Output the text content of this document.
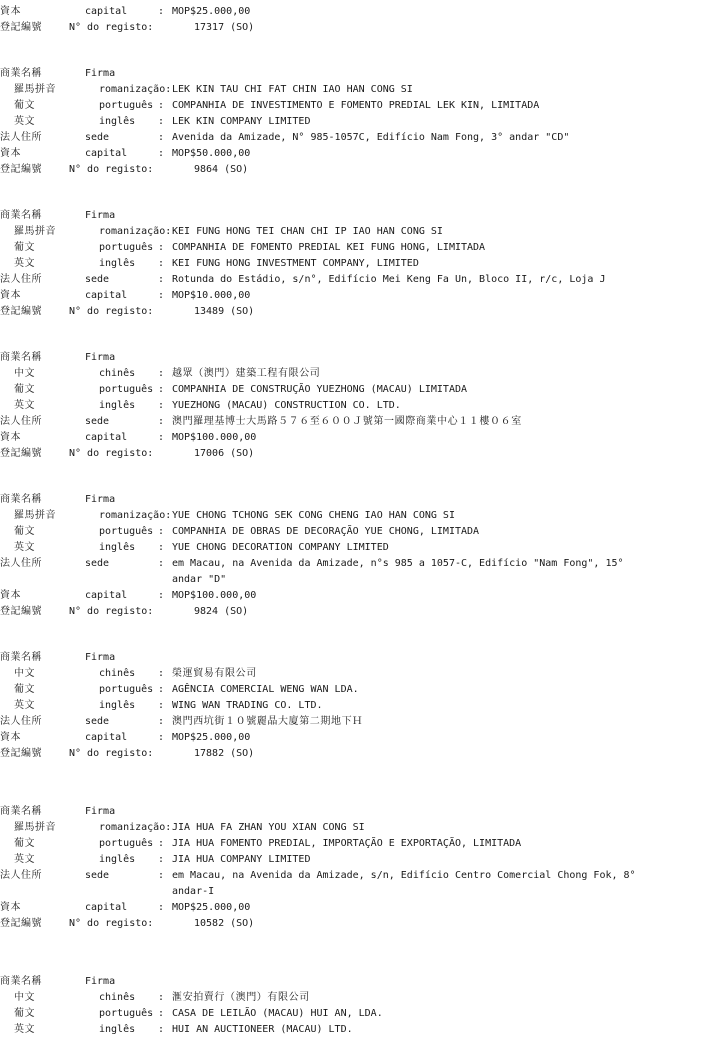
資本	capital	: MOP$25.000,00
登記編號	N° do registo:	17317 (SO)
商業名稱	Firma
羅馬拼音	romanização: LEK KIN TAU CHI FAT CHIN IAO HAN CONG SI
葡文	português : COMPANHIA DE INVESTIMENTO E FOMENTO PREDIAL LEK KIN, LIMITADA
英文	inglês : LEK KIN COMPANY LIMITED
法人住所	sede	: Avenida da Amizade, N° 985-1057C, Edifício Nam Fong, 3° andar "CD"
資本	capital	: MOP$50.000,00
登記編號	N° do registo:	9864 (SO)
商業名稱	Firma
羅馬拼音	romanização: KEI FUNG HONG TEI CHAN CHI IP IAO HAN CONG SI
葡文	português : COMPANHIA DE FOMENTO PREDIAL KEI FUNG HONG, LIMITADA
英文	inglês : KEI FUNG HONG INVESTMENT COMPANY, LIMITED
法人住所	sede	: Rotunda do Estádio, s/n°, Edifício Mei Keng Fa Un, Bloco II, r/c, Loja J
資本	capital	: MOP$10.000,00
登記編號	N° do registo:	13489 (SO)
商業名稱	Firma
中文	chinês : 越眾（澳門）建築工程有限公司
葡文	português : COMPANHIA DE CONSTRUÇÃO YUEZHONG (MACAU) LIMITADA
英文	inglês : YUEZHONG (MACAU) CONSTRUCTION CO. LTD.
法人住所	sede	: 澳門羅理基博士大馬路５７６至６００Ｊ號第一國際商業中心１１樓０６室
資本	capital	: MOP$100.000,00
登記編號	N° do registo:	17006 (SO)
商業名稱	Firma
羅馬拼音	romanização: YUE CHONG TCHONG SEK CONG CHENG IAO HAN CONG SI
葡文	português : COMPANHIA DE OBRAS DE DECORAÇÃO YUE CHONG, LIMITADA
英文	inglês : YUE CHONG DECORATION COMPANY LIMITED
法人住所	sede	: em Macau, na Avenida da Amizade, n°s 985 a 1057-C, Edifício "Nam Fong", 15°
andar "D"
資本	capital	: MOP$100.000,00
登記編號	N° do registo:	9824 (SO)
商業名稱	Firma
中文	chinês : 榮運貿易有限公司
葡文	português : AGÊNCIA COMERCIAL WENG WAN LDA.
英文	inglês : WING WAN TRADING CO. LTD.
法人住所	sede	: 澳門西坑街１０號麗晶大廈第二期地下Ｈ
資本	capital	: MOP$25.000,00
登記編號	N° do registo:	17882 (SO)
商業名稱	Firma
羅馬拼音	romanização: JIA HUA FA ZHAN YOU XIAN CONG SI
葡文	português : JIA HUA FOMENTO PREDIAL, IMPORTAÇÃO E EXPORTAÇÃO, LIMITADA
英文	inglês : JIA HUA COMPANY LIMITED
法人住所	sede	: em Macau, na Avenida da Amizade, s/n, Edifício Centro Comercial Chong Fok, 8°
andar-I
資本	capital	: MOP$25.000,00
登記編號	N° do registo:	10582 (SO)
商業名稱	Firma
中文	chinês : 滙安拍賣行（澳門）有限公司
葡文	português : CASA DE LEILÃO (MACAU) HUI AN, LDA.
英文	inglês : HUI AN AUCTIONEER (MACAU) LTD.
